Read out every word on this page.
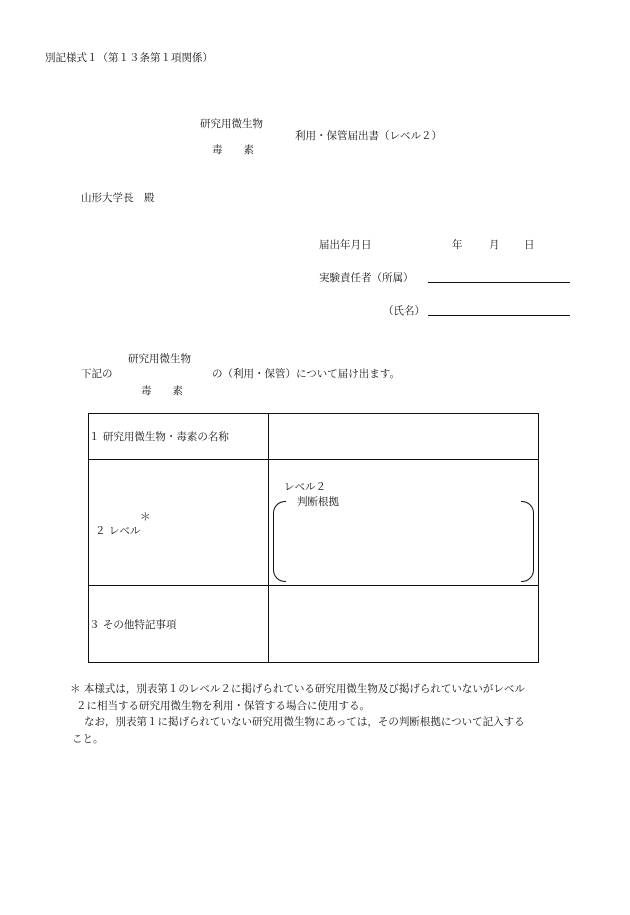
別記様式１（第１３条第１項関係）
研究用微生物
毒　　素
利用・保管届出書（レベル２）
山形大学長　殿
届出年月日	年	月 日
実験責任者（所属）
（氏名）
研究用微生物
下記の	の（利用・保管）について届け出ます。
毒　　素
１ 研究用微生物・毒素の名称	

＊
２ レベル	レベル２
判断根拠

３ その他特記事項	

＊ 本様式は，別表第１のレベル２に掲げられている研究用微生物及び掲げられていないがレベル

２に相当する研究用微生物を利用・保管する場合に使用する。

なお，別表第１に掲げられていない研究用微生物にあっては，その判断根拠について記入する

こと。
